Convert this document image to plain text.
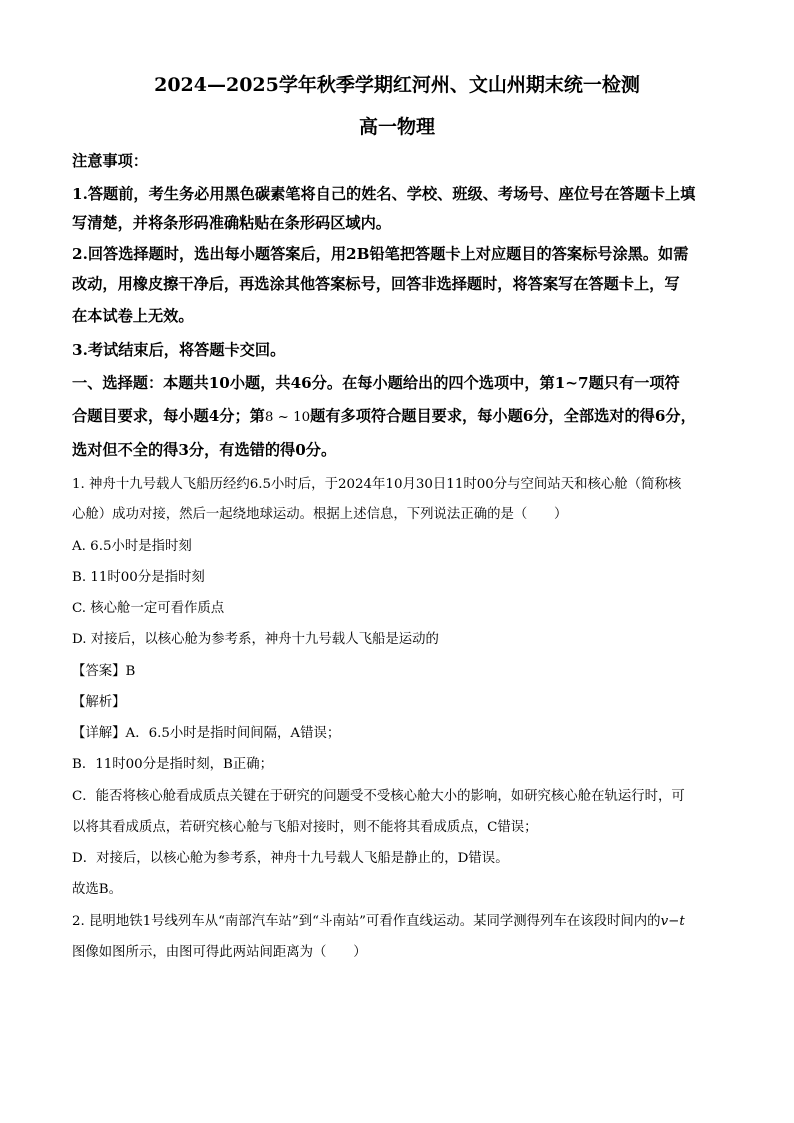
2024—2025学年秋季学期红河州、文山州期末统一检测
高一物理
注意事项：
1.答题前，考生务必用黑色碳素笔将自己的姓名、学校、班级、考场号、座位号在答题卡上填
写清楚，并将条形码准确粘贴在条形码区域内。
2.回答选择题时，选出每小题答案后，用2B铅笔把答题卡上对应题目的答案标号涂黑。如需
改动，用橡皮擦干净后，再选涂其他答案标号，回答非选择题时，将答案写在答题卡上，写
在本试卷上无效。
3.考试结束后，将答题卡交回。
一、选择题：本题共10小题，共46分。在每小题给出的四个选项中，第1~7题只有一项符
合题目要求，每小题4分；第8 ~ 10题有多项符合题目要求，每小题6分，全部选对的得6分，
选对但不全的得3分，有选错的得0分。
1. 神舟十九号载人飞船历经约6.5小时后，于2024年10月30日11时00分与空间站天和核心舱（简称核
心舱）成功对接，然后一起绕地球运动。根据上述信息，下列说法正确的是（　　）
A. 6.5小时是指时刻
B. 11时00分是指时刻
C. 核心舱一定可看作质点
D. 对接后，以核心舱为参考系，神舟十九号载人飞船是运动的
【答案】B
【解析】
【详解】A．6.5小时是指时间间隔，A错误；
B．11时00分是指时刻，B正确；
C．能否将核心舱看成质点关键在于研究的问题受不受核心舱大小的影响，如研究核心舱在轨运行时，可
以将其看成质点，若研究核心舱与飞船对接时，则不能将其看成质点，C错误；
D．对接后，以核心舱为参考系，神舟十九号载人飞船是静止的，D错误。
故选B。
2. 昆明地铁1号线列车从“南部汽车站”到“斗南站”可看作直线运动。某同学测得列车在该段时间内的v−t
图像如图所示，由图可得此两站间距离为（　　）
